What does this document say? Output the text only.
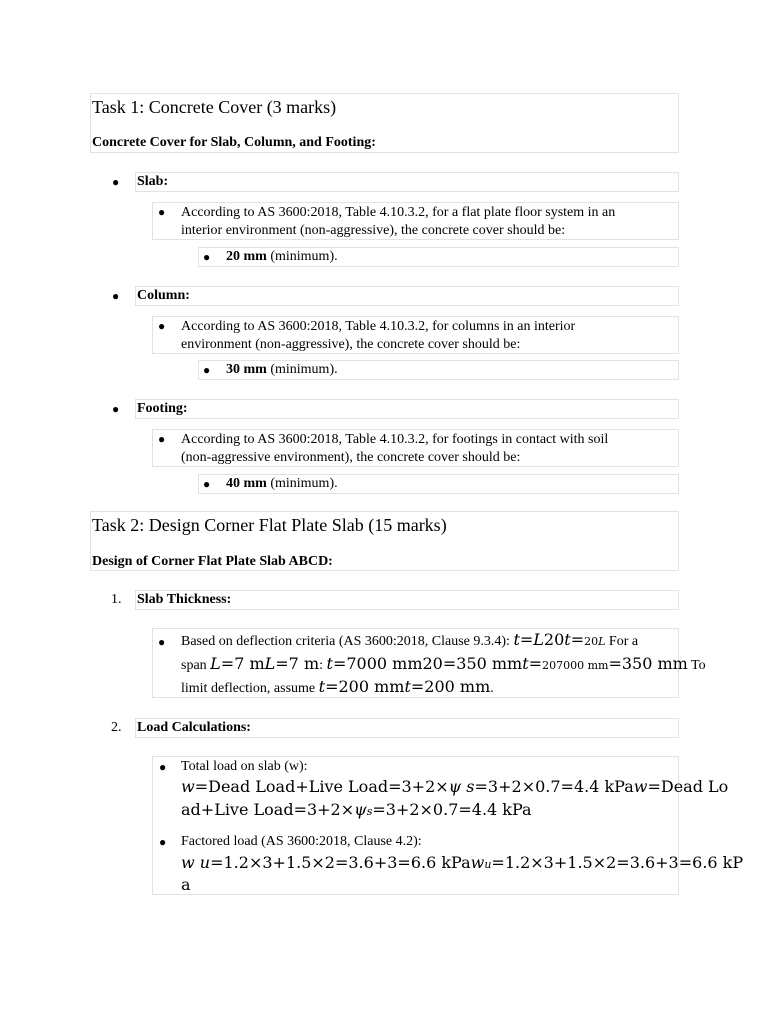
Task 1: Concrete Cover (3 marks)
Concrete Cover for Slab, Column, and Footing:
● Slab:
● According to AS 3600:2018, Table 4.10.3.2, for a flat plate floor system in an
interior environment (non-aggressive), the concrete cover should be:
● 20 mm (minimum).
● Column:
● According to AS 3600:2018, Table 4.10.3.2, for columns in an interior
environment (non-aggressive), the concrete cover should be:
● 30 mm (minimum).
● Footing:
● According to AS 3600:2018, Table 4.10.3.2, for footings in contact with soil
(non-aggressive environment), the concrete cover should be:
● 40 mm (minimum).
Task 2: Design Corner Flat Plate Slab (15 marks)
Design of Corner Flat Plate Slab ABCD:
1. Slab Thickness:
● Based on deflection criteria (AS 3600:2018, Clause 9.3.4): t=L20t=20L For a
span L=7 mL=7 m: t=7000 mm20=350 mmt=207000 mm=350 mm To
limit deflection, assume t=200 mmt=200 mm.
2. Load Calculations:
● Total load on slab (w):
w=Dead Load+Live Load=3+2×ψ s=3+2×0.7=4.4 kPaw=Dead Lo
ad+Live Load=3+2×ψs=3+2×0.7=4.4 kPa
● Factored load (AS 3600:2018, Clause 4.2):
w u=1.2×3+1.5×2=3.6+3=6.6 kPawu=1.2×3+1.5×2=3.6+3=6.6 kP
a
